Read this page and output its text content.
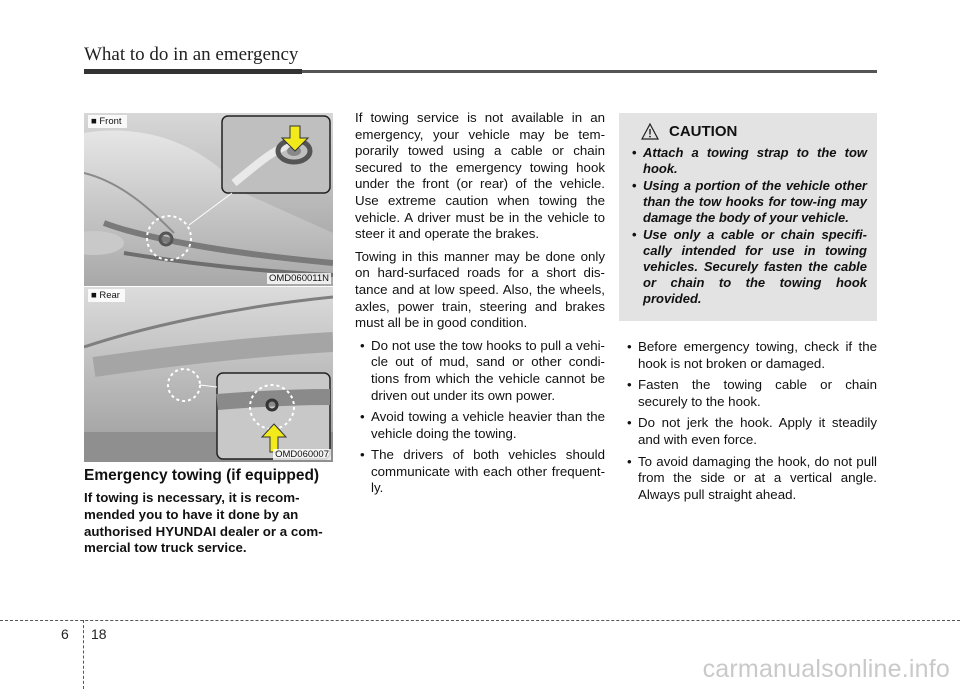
What to do in an emergency
■ Front
OMD060011N
■ Rear
OMD060007
Emergency towing (if equipped)
If towing is necessary, it is recom-mended you to have it done by an authorised HYUNDAI dealer or a com-mercial tow truck service.

If towing service is not available in an emergency, your vehicle may be tem-porarily towed using a cable or chain secured to the emergency towing hook under the front (or rear) of the vehicle. Use extreme caution when towing the vehicle. A driver must be in the vehicle to steer it and operate the brakes.

Towing in this manner may be done only on hard-surfaced roads for a short dis-tance and at low speed. Also, the wheels, axles, power train, steering and brakes must all be in good condition.

• Do not use the tow hooks to pull a vehi-cle out of mud, sand or other condi-tions from which the vehicle cannot be driven out under its own power.
• Avoid towing a vehicle heavier than the vehicle doing the towing.
• The drivers of both vehicles should communicate with each other frequent-ly.
CAUTION
• Attach a towing strap to the tow hook.
• Using a portion of the vehicle other than the tow hooks for tow-ing may damage the body of your vehicle.
• Use only a cable or chain specifi-cally intended for use in towing vehicles. Securely fasten the cable or chain to the towing hook provided.
• Before emergency towing, check if the hook is not broken or damaged.
• Fasten the towing cable or chain securely to the hook.
• Do not jerk the hook. Apply it steadily and with even force.
• To avoid damaging the hook, do not pull from the side or at a vertical angle. Always pull straight ahead.
6 18
carmanualsonline.info
